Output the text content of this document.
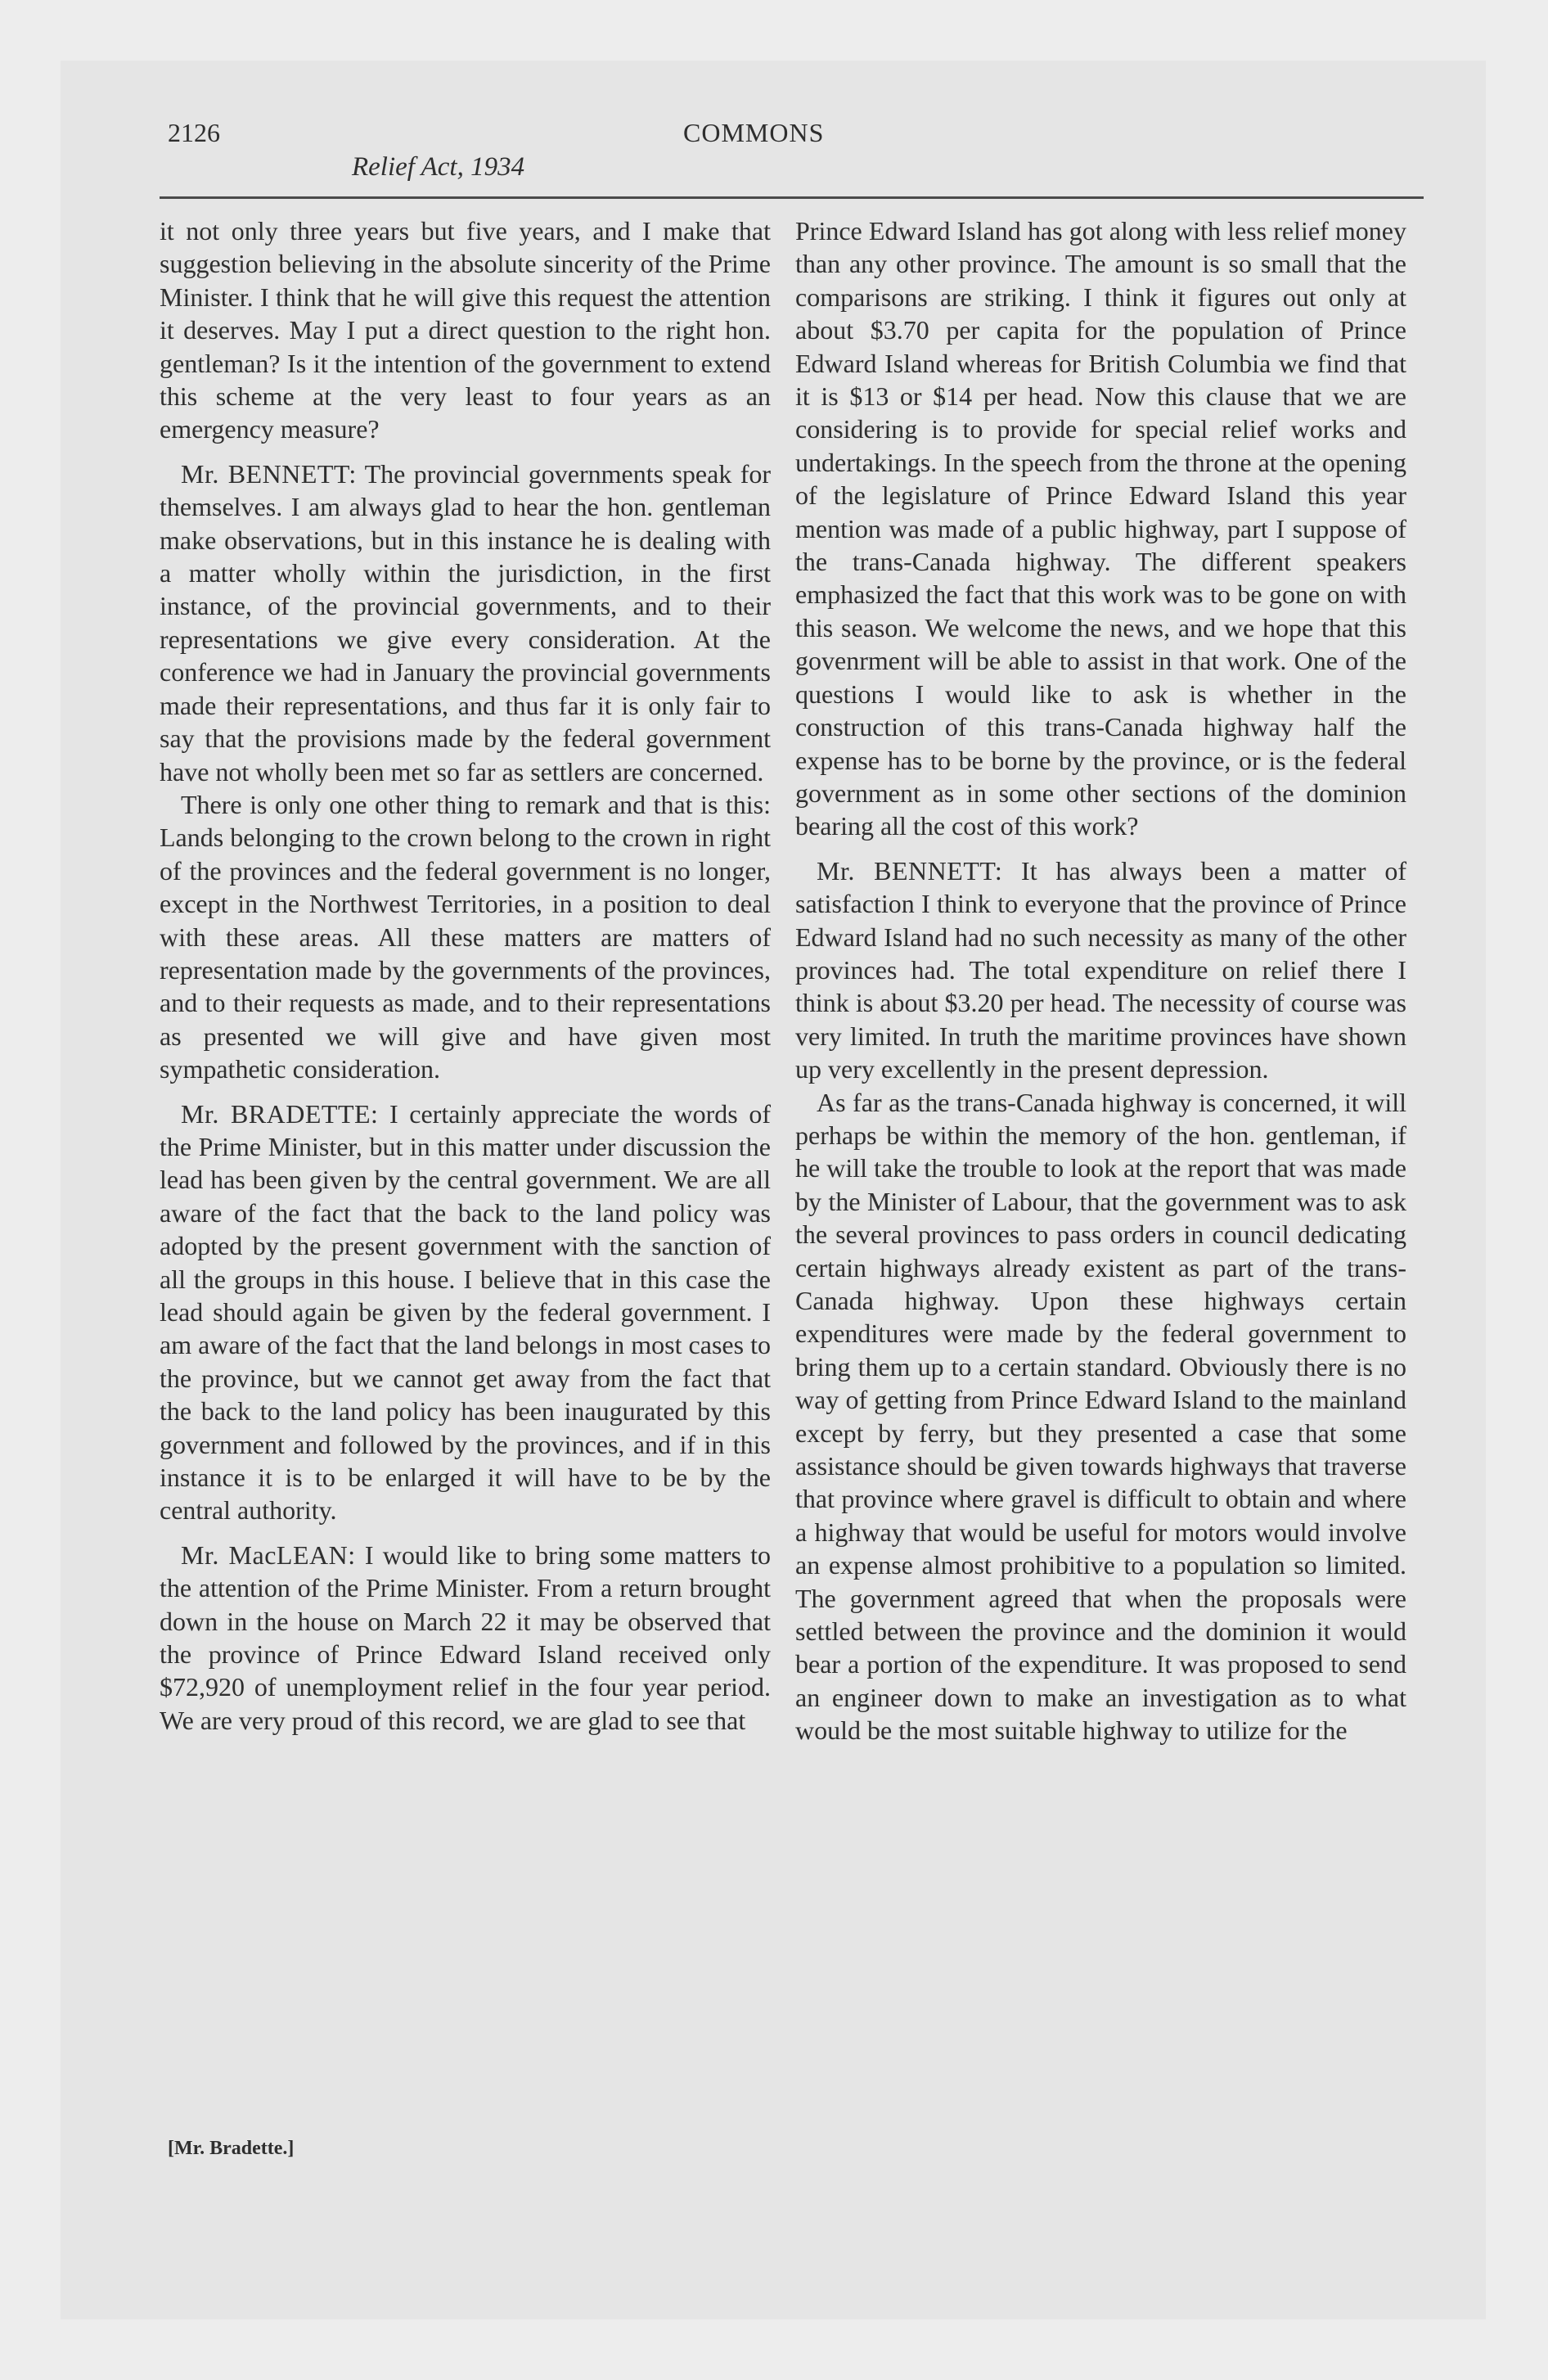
2126	COMMONS
Relief Act, 1934

it not only three years but five years, and I make that suggestion believing in the absolute sincerity of the Prime Minister. I think that he will give this request the attention it deserves. May I put a direct question to the right hon. gentleman? Is it the intention of the government to extend this scheme at the very least to four years as an emergency measure?

Mr. BENNETT: The provincial governments speak for themselves. I am always glad to hear the hon. gentleman make observations, but in this instance he is dealing with a matter wholly within the jurisdiction, in the first instance, of the provincial governments, and to their representations we give every consideration. At the conference we had in January the provincial governments made their representations, and thus far it is only fair to say that the provisions made by the federal government have not wholly been met so far as settlers are concerned.

There is only one other thing to remark and that is this: Lands belonging to the crown belong to the crown in right of the provinces and the federal government is no longer, except in the Northwest Territories, in a position to deal with these areas. All these matters are matters of representation made by the governments of the provinces, and to their requests as made, and to their representations as presented we will give and have given most sympathetic consideration.

Mr. BRADETTE: I certainly appreciate the words of the Prime Minister, but in this matter under discussion the lead has been given by the central government. We are all aware of the fact that the back to the land policy was adopted by the present government with the sanction of all the groups in this house. I believe that in this case the lead should again be given by the federal government. I am aware of the fact that the land belongs in most cases to the province, but we cannot get away from the fact that the back to the land policy has been inaugurated by this government and followed by the provinces, and if in this instance it is to be enlarged it will have to be by the central authority.

Mr. MacLEAN: I would like to bring some matters to the attention of the Prime Minister. From a return brought down in the house on March 22 it may be observed that the province of Prince Edward Island received only $72,920 of unemployment relief in the four year period. We are very proud of this record, we are glad to see that

Prince Edward Island has got along with less relief money than any other province. The amount is so small that the comparisons are striking. I think it figures out only at about $3.70 per capita for the population of Prince Edward Island whereas for British Columbia we find that it is $13 or $14 per head. Now this clause that we are considering is to provide for special relief works and undertakings. In the speech from the throne at the opening of the legislature of Prince Edward Island this year mention was made of a public highway, part I suppose of the trans-Canada highway. The different speakers emphasized the fact that this work was to be gone on with this season. We welcome the news, and we hope that this govenrment will be able to assist in that work. One of the questions I would like to ask is whether in the construction of this trans-Canada highway half the expense has to be borne by the province, or is the federal government as in some other sections of the dominion bearing all the cost of this work?

Mr. BENNETT: It has always been a matter of satisfaction I think to everyone that the province of Prince Edward Island had no such necessity as many of the other provinces had. The total expenditure on relief there I think is about $3.20 per head. The necessity of course was very limited. In truth the maritime provinces have shown up very excellently in the present depression.

As far as the trans-Canada highway is concerned, it will perhaps be within the memory of the hon. gentleman, if he will take the trouble to look at the report that was made by the Minister of Labour, that the government was to ask the several provinces to pass orders in council dedicating certain highways already existent as part of the trans-Canada highway. Upon these highways certain expenditures were made by the federal government to bring them up to a certain standard. Obviously there is no way of getting from Prince Edward Island to the mainland except by ferry, but they presented a case that some assistance should be given towards highways that traverse that province where gravel is difficult to obtain and where a highway that would be useful for motors would involve an expense almost prohibitive to a population so limited. The government agreed that when the proposals were settled between the province and the dominion it would bear a portion of the expenditure. It was proposed to send an engineer down to make an investigation as to what would be the most suitable highway to utilize for the

[Mr. Bradette.]
